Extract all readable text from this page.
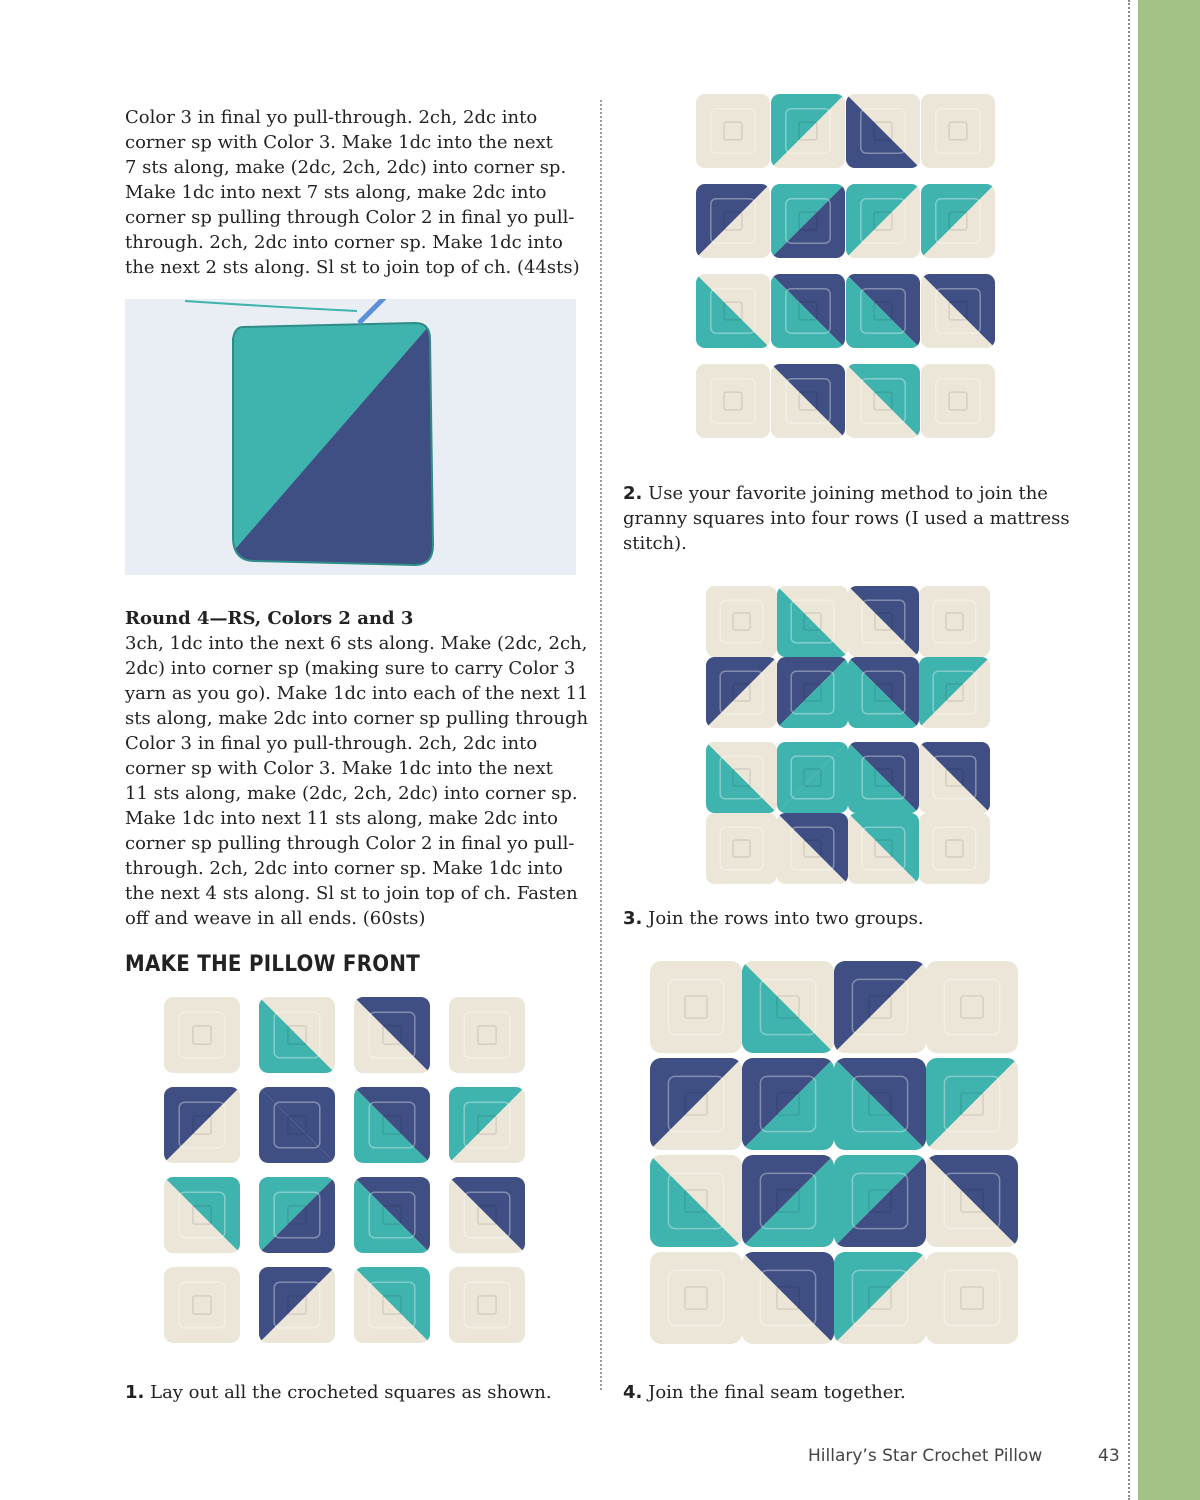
Color 3 in final yo pull-through. 2ch, 2dc into
corner sp with Color 3. Make 1dc into the next
7 sts along, make (2dc, 2ch, 2dc) into corner sp.
Make 1dc into next 7 sts along, make 2dc into
corner sp pulling through Color 2 in final yo pull-
through. 2ch, 2dc into corner sp. Make 1dc into
the next 2 sts along. Sl st to join top of ch. (44sts)
Round 4—RS, Colors 2 and 3
3ch, 1dc into the next 6 sts along. Make (2dc, 2ch,
2dc) into corner sp (making sure to carry Color 3
yarn as you go). Make 1dc into each of the next 11
sts along, make 2dc into corner sp pulling through
Color 3 in final yo pull-through. 2ch, 2dc into
corner sp with Color 3. Make 1dc into the next
11 sts along, make (2dc, 2ch, 2dc) into corner sp.
Make 1dc into next 11 sts along, make 2dc into
corner sp pulling through Color 2 in final yo pull-
through. 2ch, 2dc into corner sp. Make 1dc into
the next 4 sts along. Sl st to join top of ch. Fasten
off and weave in all ends. (60sts)
MAKE THE PILLOW FRONT
1. Lay out all the crocheted squares as shown.
2. Use your favorite joining method to join the
granny squares into four rows (I used a mattress
stitch).
3. Join the rows into two groups.
4. Join the final seam together.
Hillary’s Star Crochet Pillow	43
